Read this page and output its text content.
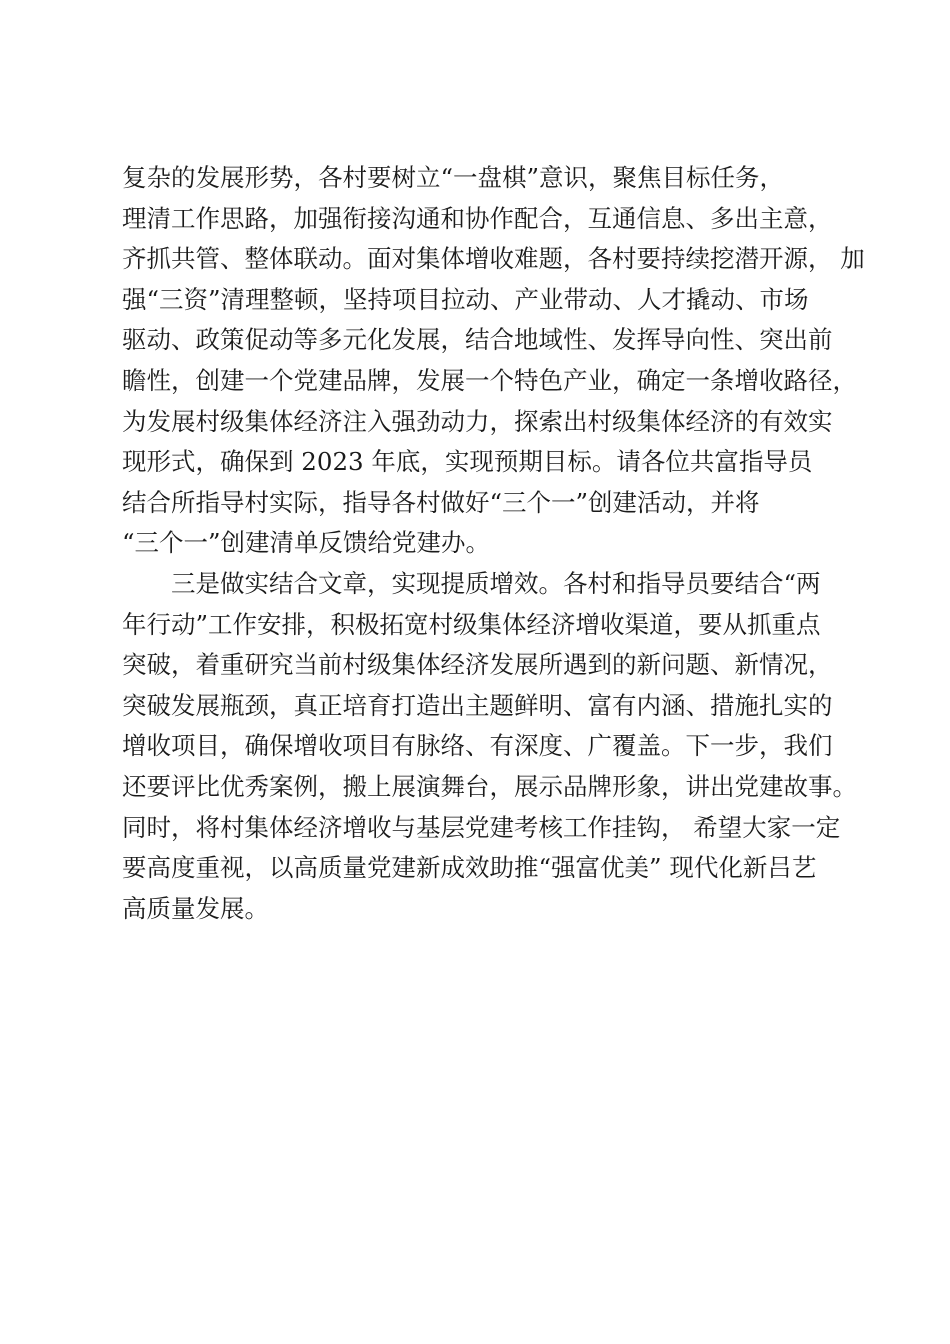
复杂的发展形势，各村要树立“一盘棋”意识，聚焦目标任务，
理清工作思路，加强衔接沟通和协作配合，互通信息、多出主意，
齐抓共管、整体联动。面对集体增收难题，各村要持续挖潜开源， 加
强“三资”清理整顿，坚持项目拉动、产业带动、人才撬动、市场
驱动、政策促动等多元化发展，结合地域性、发挥导向性、突出前
瞻性，创建一个党建品牌，发展一个特色产业，确定一条增收路径，
为发展村级集体经济注入强劲动力，探索出村级集体经济的有效实
现形式，确保到 2023 年底，实现预期目标。请各位共富指导员
结合所指导村实际，指导各村做好“三个一”创建活动，并将
“三个一”创建清单反馈给党建办。
三是做实结合文章，实现提质增效。各村和指导员要结合“两
年行动”工作安排，积极拓宽村级集体经济增收渠道，要从抓重点
突破，着重研究当前村级集体经济发展所遇到的新问题、新情况，
突破发展瓶颈，真正培育打造出主题鲜明、富有内涵、措施扎实的
增收项目，确保增收项目有脉络、有深度、广覆盖。下一步，我们
还要评比优秀案例，搬上展演舞台，展示品牌形象，讲出党建故事。
同时，将村集体经济增收与基层党建考核工作挂钩， 希望大家一定
要高度重视，以高质量党建新成效助推“强富优美” 现代化新吕艺
高质量发展。
